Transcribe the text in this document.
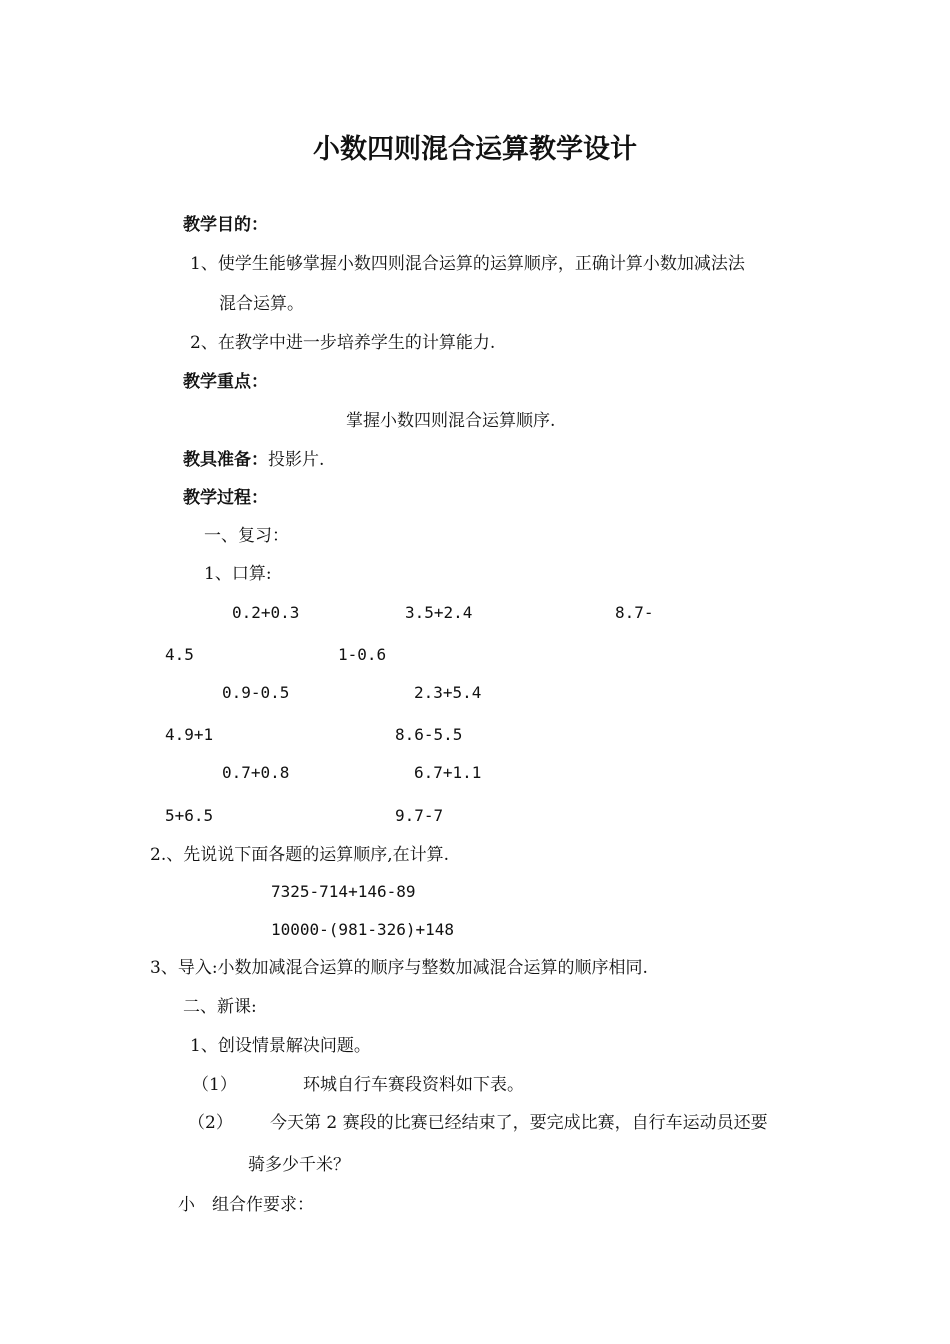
小数四则混合运算教学设计
教学目的：
1、使学生能够掌握小数四则混合运算的运算顺序，正确计算小数加减法法
混合运算。
2、在教学中进一步培养学生的计算能力.
教学重点：
掌握小数四则混合运算顺序.
教具准备：投影片.
教学过程：
一、复习：
1、口算:
0.2+0.3	3.5+2.4	8.7-
4.5	1-0.6
0.9-0.5	2.3+5.4
4.9+1	8.6-5.5
0.7+0.8	6.7+1.1
5+6.5	9.7-7
2.、先说说下面各题的运算顺序,在计算.
7325-714+146-89
10000-(981-326)+148
3、导入:小数加减混合运算的顺序与整数加减混合运算的顺序相同.
二、新课:
1、创设情景解决问题。
（1）	环城自行车赛段资料如下表。
（2） 今天第 2 赛段的比赛已经结束了，要完成比赛，自行车运动员还要
骑多少千米？
小 组合作要求：
